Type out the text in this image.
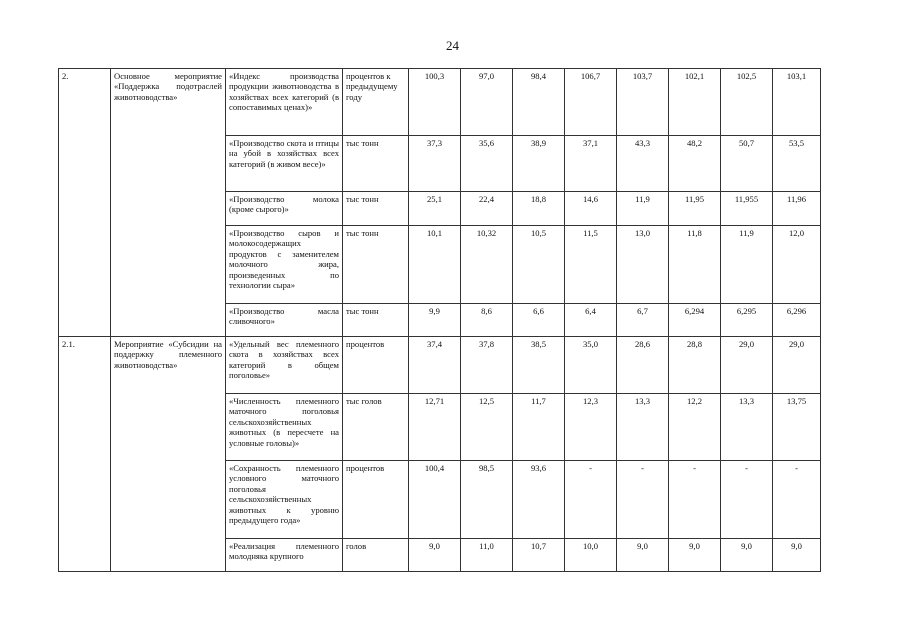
24
2.	Основное мероприятие «Поддержка подотраслей животноводства»	«Индекс производства продукции животноводства в хозяйствах всех категорий (в сопоставимых ценах)»	процентов к предыдущему году	100,3	97,0	98,4	106,7	103,7	102,1	102,5	103,1
		«Производство скота и птицы на убой в хозяйствах всех категорий (в живом весе)»	тыс тонн	37,3	35,6	38,9	37,1	43,3	48,2	50,7	53,5
		«Производство молока (кроме сырого)»	тыс тонн	25,1	22,4	18,8	14,6	11,9	11,95	11,955	11,96
		«Производство сыров и молокосодержащих продуктов с заменителем молочного жира, произведенных по технологии сыра»	тыс тонн	10,1	10,32	10,5	11,5	13,0	11,8	11,9	12,0
		«Производство масла сливочного»	тыс тонн	9,9	8,6	6,6	6,4	6,7	6,294	6,295	6,296
2.1.	Мероприятие «Субсидии на поддержку племенного животноводства»	«Удельный вес племенного скота в хозяйствах всех категорий в общем поголовье»	процентов	37,4	37,8	38,5	35,0	28,6	28,8	29,0	29,0
		«Численность племенного маточного поголовья сельскохозяйственных животных (в пересчете на условные головы)»	тыс голов	12,71	12,5	11,7	12,3	13,3	12,2	13,3	13,75
		«Сохранность племенного условного маточного поголовья сельскохозяйственных животных к уровню предыдущего года»	процентов	100,4	98,5	93,6	-	-	-	-	-
		«Реализация племенного молодняка крупного	голов	9,0	11,0	10,7	10,0	9,0	9,0	9,0	9,0
